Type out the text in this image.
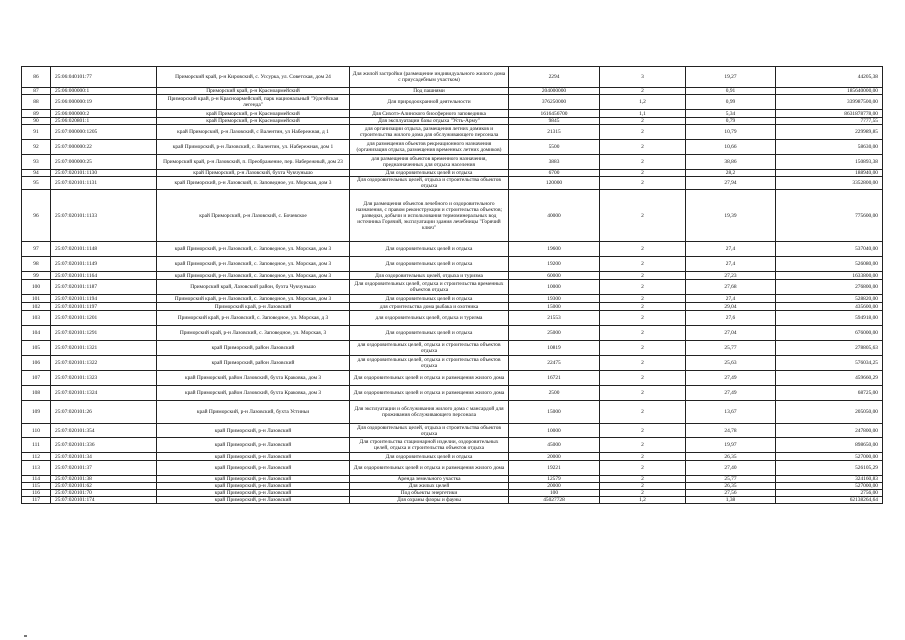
86	25:06:040101:77	Приморский край, р-н Кировский, с. Уссурка, ул. Советская, дом 24	Для жилой застройки (размещение индивидуального жилого дома с приусадебным участком)	2294	3	19,27	44205,38
87	25:06:000000:1	Приморский край, р-н Красноармейский	Под пашнями	204000000	2	0,91	185640000,00
88	25:06:000000:19	Приморский край, р-н Красноармейский, парк национальный "Удэгейская легенда"	Для природоохранной деятельности	376250000	1,2	0,99	339987500,00
89	25:06:000000:2	край Приморский, р-н Красноармейский	Для Сихотэ-Алинского биосферного заповедника	1616456700	1,1	5,34	8631878778,00
90	25:06:020801:1	край Приморский, р-н Красноармейский	Для эксплуатации базы отдыха "Усть-Арму"	9845	2	0,79	7777,55
91	25:07:000000:1205	край Приморский, р-н Лазовский, с Валентин, ул Набережная, д 1	для организации отдыха, размещения летних домиков и строительства жилого дома для обслуживающего персонала	21315	2	10,79	229989,85
92	25:07:000000:22	край Приморский, р-н Лазовский, с. Валентин, ул. Набережная, дом 1	для размещения объектов рекреационного назначения (организация отдыха, размещения временных летних домиков)	5500	2	10,66	58630,00
93	25:07:000000:25	Приморский край, р-н Лазовский, п. Преображение, пер. Набережный, дом 23	для размещения объектов временного назначения, предназначенных для отдыха населения	3883	2	38,86	150893,38
94	25:07:020101:1130	край Приморский, р-н Лазовский, бухта Чукчуньшо	Для оздоровительных целей и отдыха	6700	2	28,2	188940,00
95	25:07:020101:1131	край Приморский, р-н Лазовский, п. Заповедное, ул. Морская, дом 3	Для оздоровительных целей, отдыха и строительства объектов отдыха	120000	2	27,94	3352800,00
96	25:07:020101:1133	край Приморский, р-н Лазовский, с. Бочевское	Для размещения объектов лечебного и оздоровительного назначения, с правом реконструкции и строительства объектов; разведки, добычи и использования термоминеральных вод источника Горячий, эксплуатации здания лечебницы "Горячий ключ"	40000	2	19,39	775600,00
97	25:07:020101:1148	край Приморский, р-н Лазовский, с. Заповедное, ул. Морская, дом 3	Для оздоровительных целей и отдыха	19600	2	27,4	537040,00
98	25:07:020101:1149	край Приморский, р-н Лазовский, с. Заповедное, ул. Морская, дом 3	Для оздоровительных целей и отдыха	19200	2	27,4	526080,00
99	25:07:020101:1164	край Приморский, р-н Лазовский, с. Заповедное, ул. Морская, дом 3	Для оздоровительных целей, отдыха и туризма	60000	2	27,23	1633800,00
100	25:07:020101:1187	Приморский край, Лазовский район, бухта Чукчуньшо	Для оздоровительных целей, отдыха и строительства временных объектов отдыха	10000	2	27,68	276800,00
101	25:07:020101:1194	Приморский край, р-н Лазовский, с. Заповедное, ул. Морская, дом 3	Для оздоровительных целей и отдыха	19300	2	27,4	528820,00
102	25:07:020101:1197	Приморский край, р-н Лазовский	для строительства дома рыбака и охотника	15000	2	29,04	435600,00
103	25:07:020101:1201	Приморский край, р-н Лазовский, с. Заповедное, ул. Морская, д 3	для оздоровительных целей, отдыха и туризма	21553	2	27,6	594918,00
104	25:07:020101:1291	Приморский край, р-н Лазовский, с. Заповедное, ул. Морская, 3	Для оздоровительных целей и отдыха	25000	2	27,04	676000,00
105	25:07:020101:1321	край Приморский, район Лазовский	для оздоровительных целей, отдыха и строительства объектов отдыха	10819	2	25,77	278805,63
106	25:07:020101:1322	край Приморский, район Лазовский	для оздоровительных целей, отдыха и строительства объектов отдыха	22475	2	25,63	576034,25
107	25:07:020101:1323	край Приморский, район Лазовский, бухта Краковка, дом 3	Для оздоровительных целей и отдыха и размещения жилого дома	16721	2	27,49	459660,29
108	25:07:020101:1324	край Приморский, район Лазовский, бухта Краковка, дом 3	Для оздоровительных целей и отдыха и размещения жилого дома	2500	2	27,49	68725,00
109	25:07:020101:26	край Приморский, р-н Лазовский, бухта Устиньи	Для эксплуатации и обслуживания жилого дома с мансардой для проживания обслуживающего персонала	15000	2	13,67	205050,00
110	25:07:020101:354	край Приморский, р-н Лазовский	Для оздоровительных целей, отдыха и строительства объектов отдыха	10000	2	24,78	247800,00
111	25:07:020101:336	край Приморский, р-н Лазовский	Для строительства стационарной изделии, оздоровительных целей, отдыха и строительства объектов отдыха	45000	2	19,97	898650,00
112	25:07:020101:34	край Приморский, р-н Лазовский	Для оздоровительных целей и отдыха	20000	2	26,35	527000,00
113	25:07:020101:37	край Приморский, р-н Лазовский	Для оздоровительных целей и отдыха и размещения жилого дома	19221	2	27,40	526105,29
114	25:07:020101:38	край Приморский, р-н Лазовский	Аренда земельного участка	12579	2	25,77	324160,83
115	25:07:020101:62	край Приморский, р-н Лазовский	Для жилых целей	20000	2	26,35	527000,00
116	25:07:020101:70	край Приморский, р-н Лазовский	Под объекты энергетики	100	2	27,56	2756,00
117	25:07:020101:174	край Приморский, р-н Лазовский	Для охраны флоры и фауны	45027728	1,2	1,38	62138264,64
